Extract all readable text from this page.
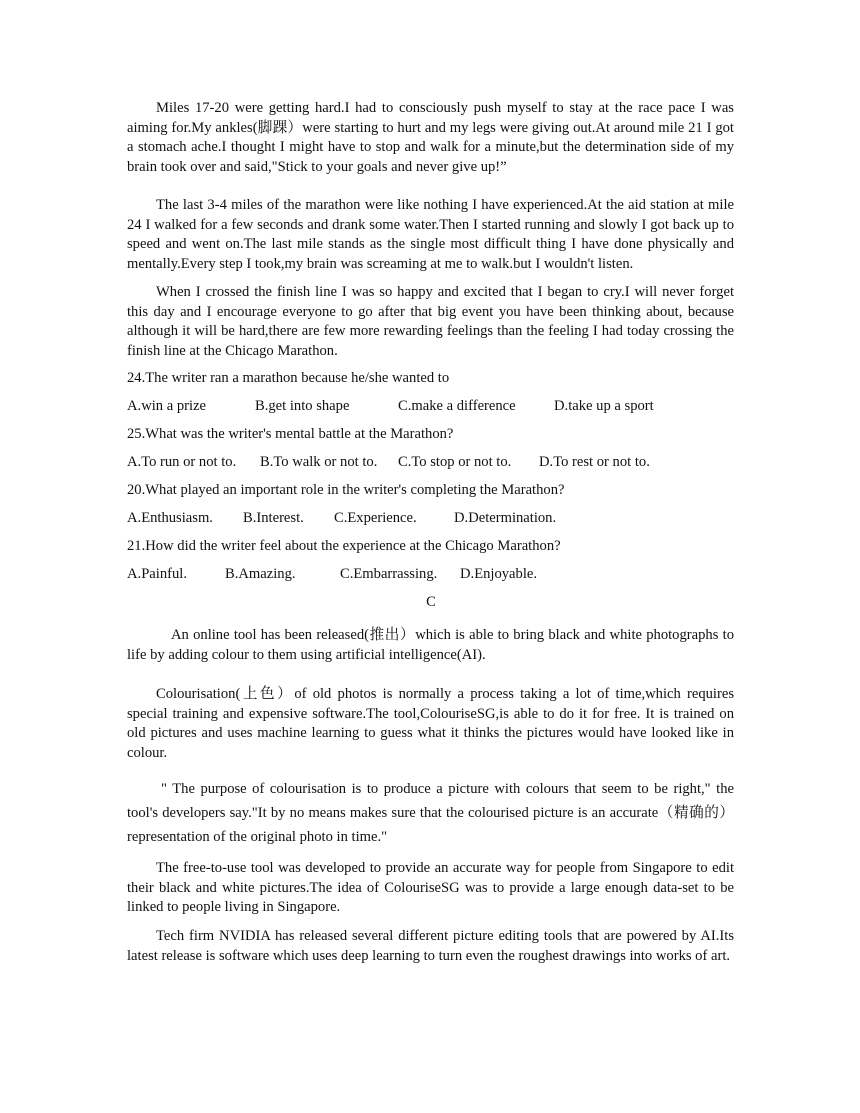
Miles 17-20 were getting hard.I had to consciously push myself to stay at the race pace I was aiming for.My ankles(脚踝）were starting to hurt and my legs were giving out.At around mile 21 I got a stomach ache.I thought I might have to stop and walk for a minute,but the determination side of my brain took over and said,"Stick to your goals and never give up!”

The last 3-4 miles of the marathon were like nothing I have experienced.At the aid station at mile 24 I walked for a few seconds and drank some water.Then I started running and slowly I got back up to speed and went on.The last mile stands as the single most difficult thing I have done physically and mentally.Every step I took,my brain was screaming at me to walk.but I wouldn't listen.

When I crossed the finish line I was so happy and excited that I began to cry.I will never forget this day and I encourage everyone to go after that big event you have been thinking about, because although it will be hard,there are few more rewarding feelings than the feeling I had today crossing the finish line at the Chicago Marathon.

24.The writer ran a marathon because he/she wanted to
A.win a prize	B.get into shape	C.make a difference	D.take up a sport
25.What was the writer's mental battle at the Marathon?
A.To run or not to. B.To walk or not to. C.To stop or not to. D.To rest or not to.
20.What played an important role in the writer's completing the Marathon?
A.Enthusiasm. B.Interest. C.Experience.	D.Determination.
21.How did the writer feel about the experience at the Chicago Marathon?
A.Painful.	B.Amazing.	C.Embarrassing. D.Enjoyable.
C

An online tool has been released(推出）which is able to bring black and white photographs to life by adding colour to them using artificial intelligence(AI).

Colourisation(上色）of old photos is normally a process taking a lot of time,which requires special training and expensive software.The tool,ColouriseSG,is able to do it for free. It is trained on old pictures and uses machine learning to guess what it thinks the pictures would have looked like in colour.

" The purpose of colourisation is to produce a picture with colours that seem to be right," the tool's developers say."It by no means makes sure that the colourised picture is an accurate（精确的）representation of the original photo in time."

The free-to-use tool was developed to provide an accurate way for people from Singapore to edit their black and white pictures.The idea of ColouriseSG was to provide a large enough data-set to be linked to people living in Singapore.

Tech firm NVIDIA has released several different picture editing tools that are powered by AI.Its latest release is software which uses deep learning to turn even the roughest drawings into works of art.
